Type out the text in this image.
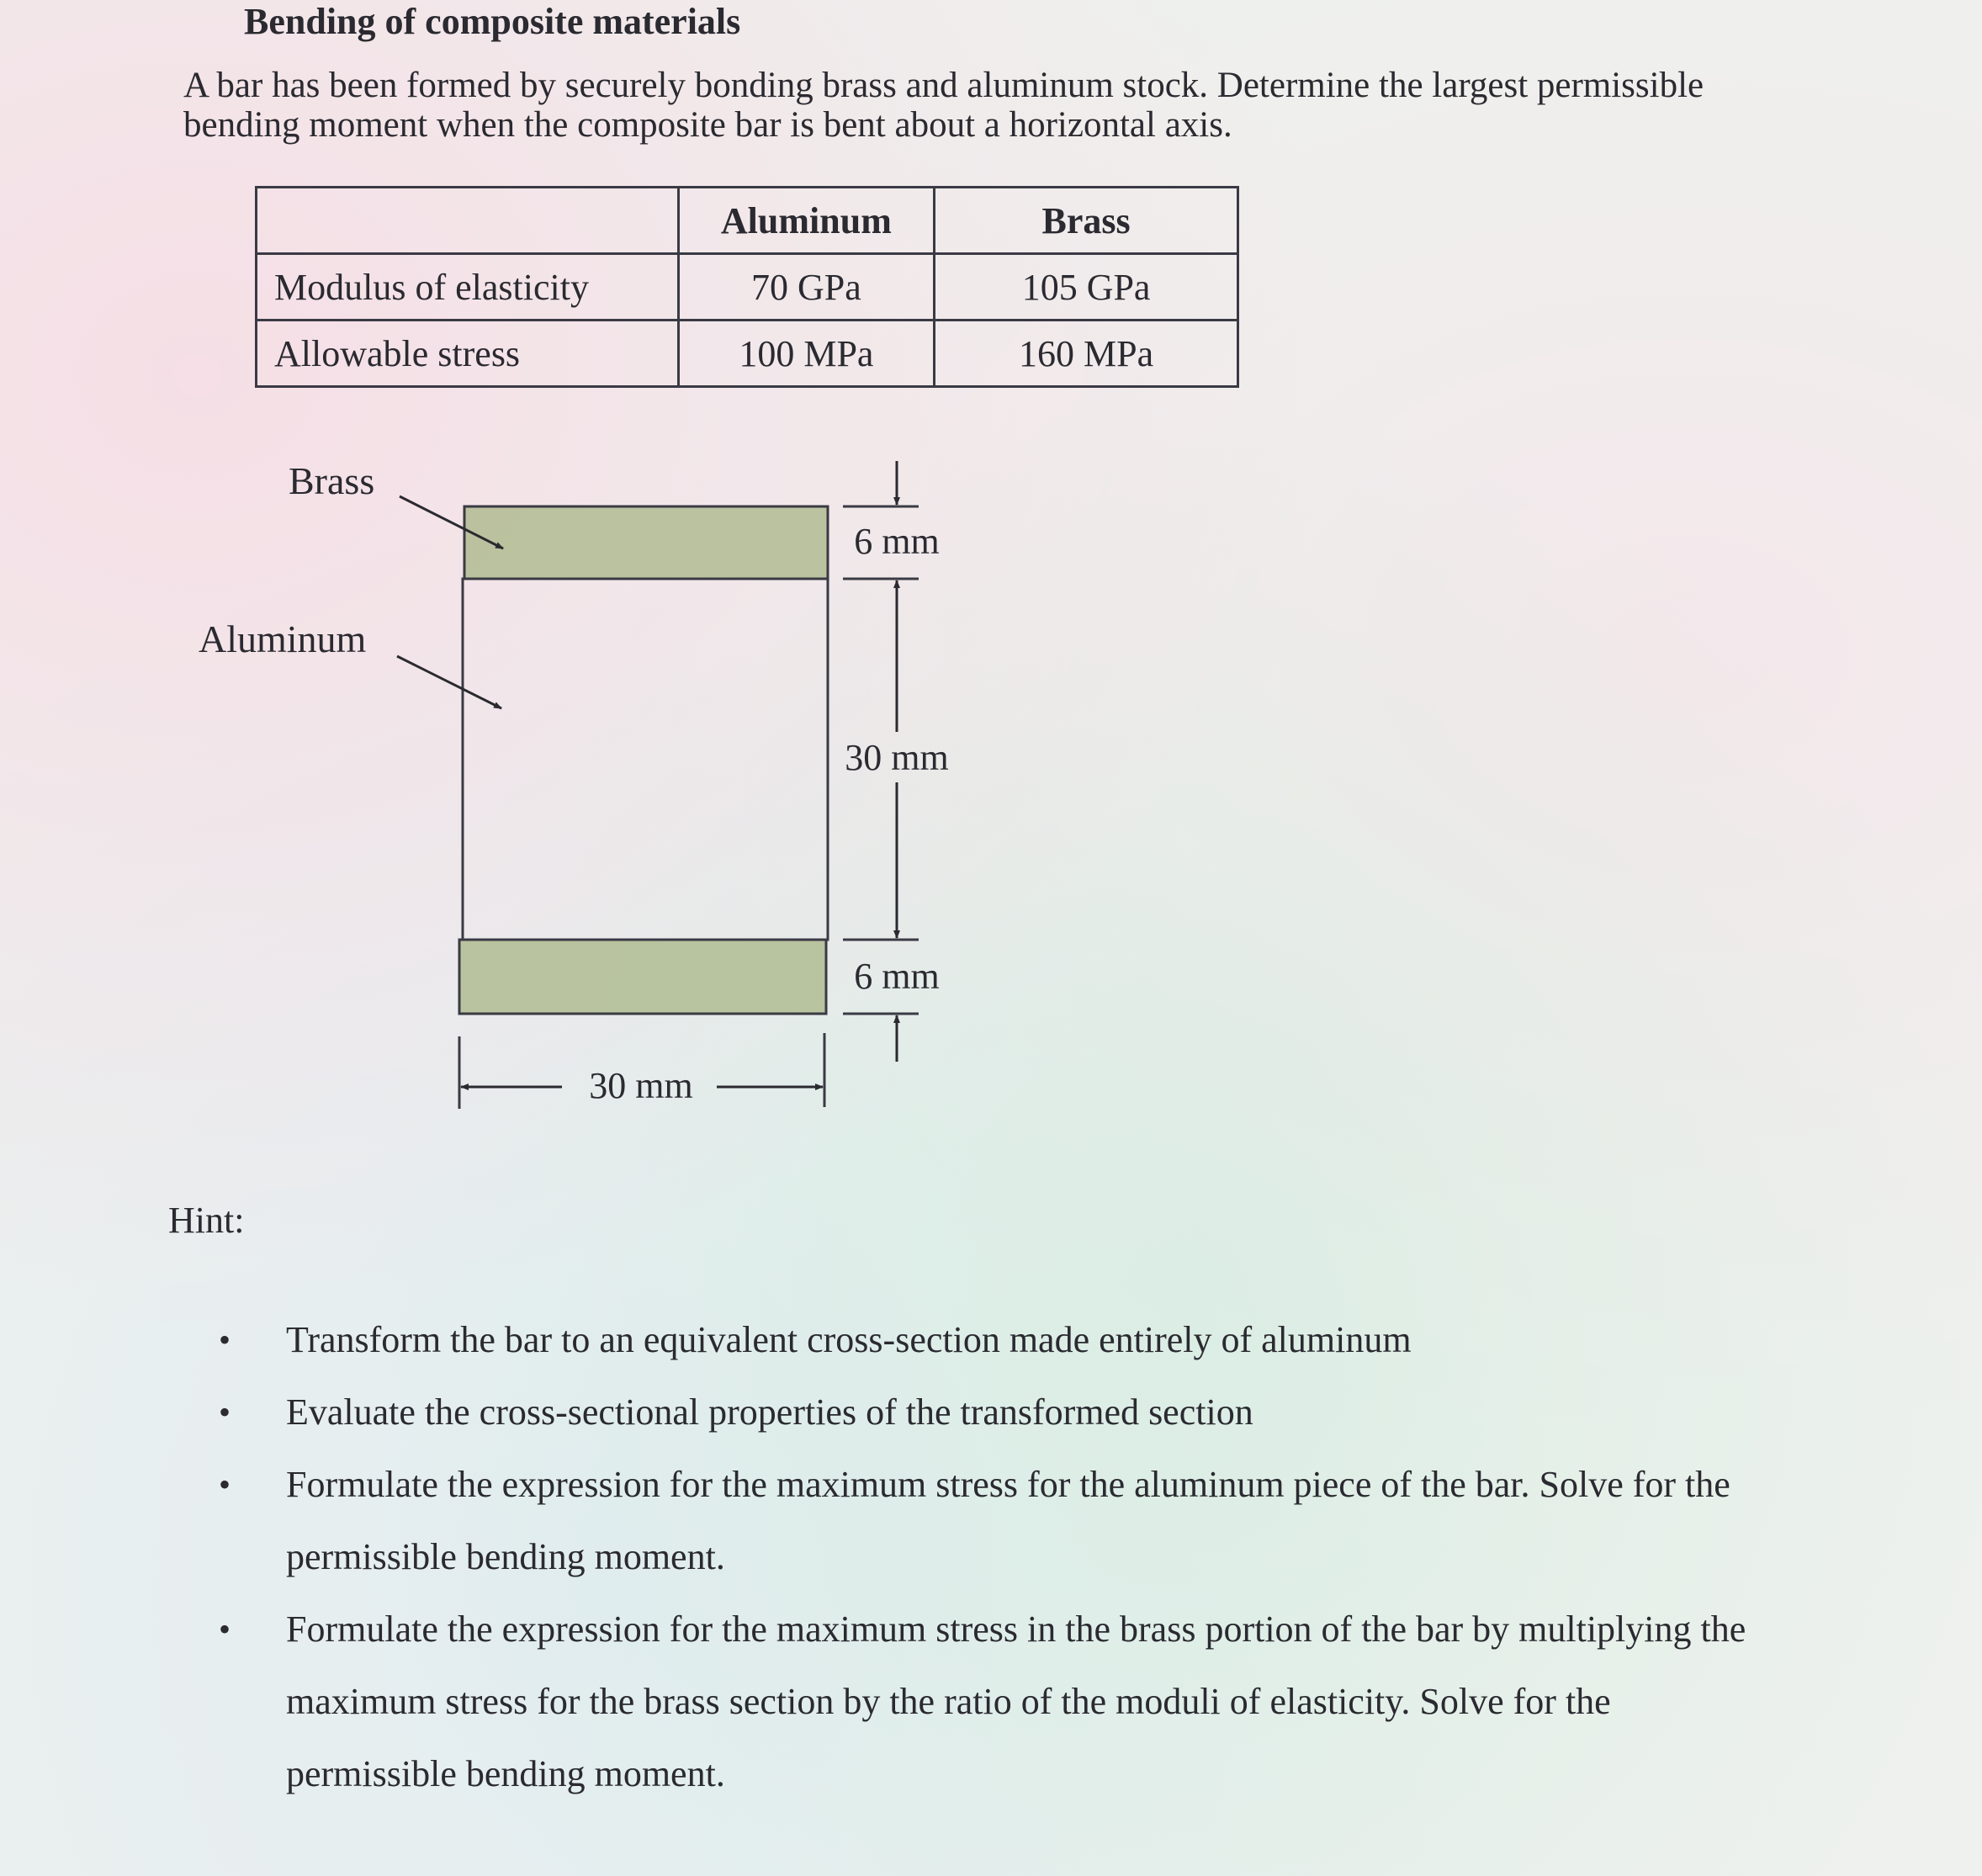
Bending of composite materials
A bar has been formed by securely bonding brass and aluminum stock. Determine the largest permissible bending moment when the composite bar is bent about a horizontal axis.
	Aluminum	Brass
Modulus of elasticity	70 GPa	105 GPa
Allowable stress	100 MPa	160 MPa
Brass
Aluminum
6 mm
30 mm
6 mm
30 mm
Hint:
•	Transform the bar to an equivalent cross-section made entirely of aluminum
•	Evaluate the cross-sectional properties of the transformed section
•	Formulate the expression for the maximum stress for the aluminum piece of the bar. Solve for the permissible bending moment.
•	Formulate the expression for the maximum stress in the brass portion of the bar by multiplying the maximum stress for the brass section by the ratio of the moduli of elasticity. Solve for the permissible bending moment.
